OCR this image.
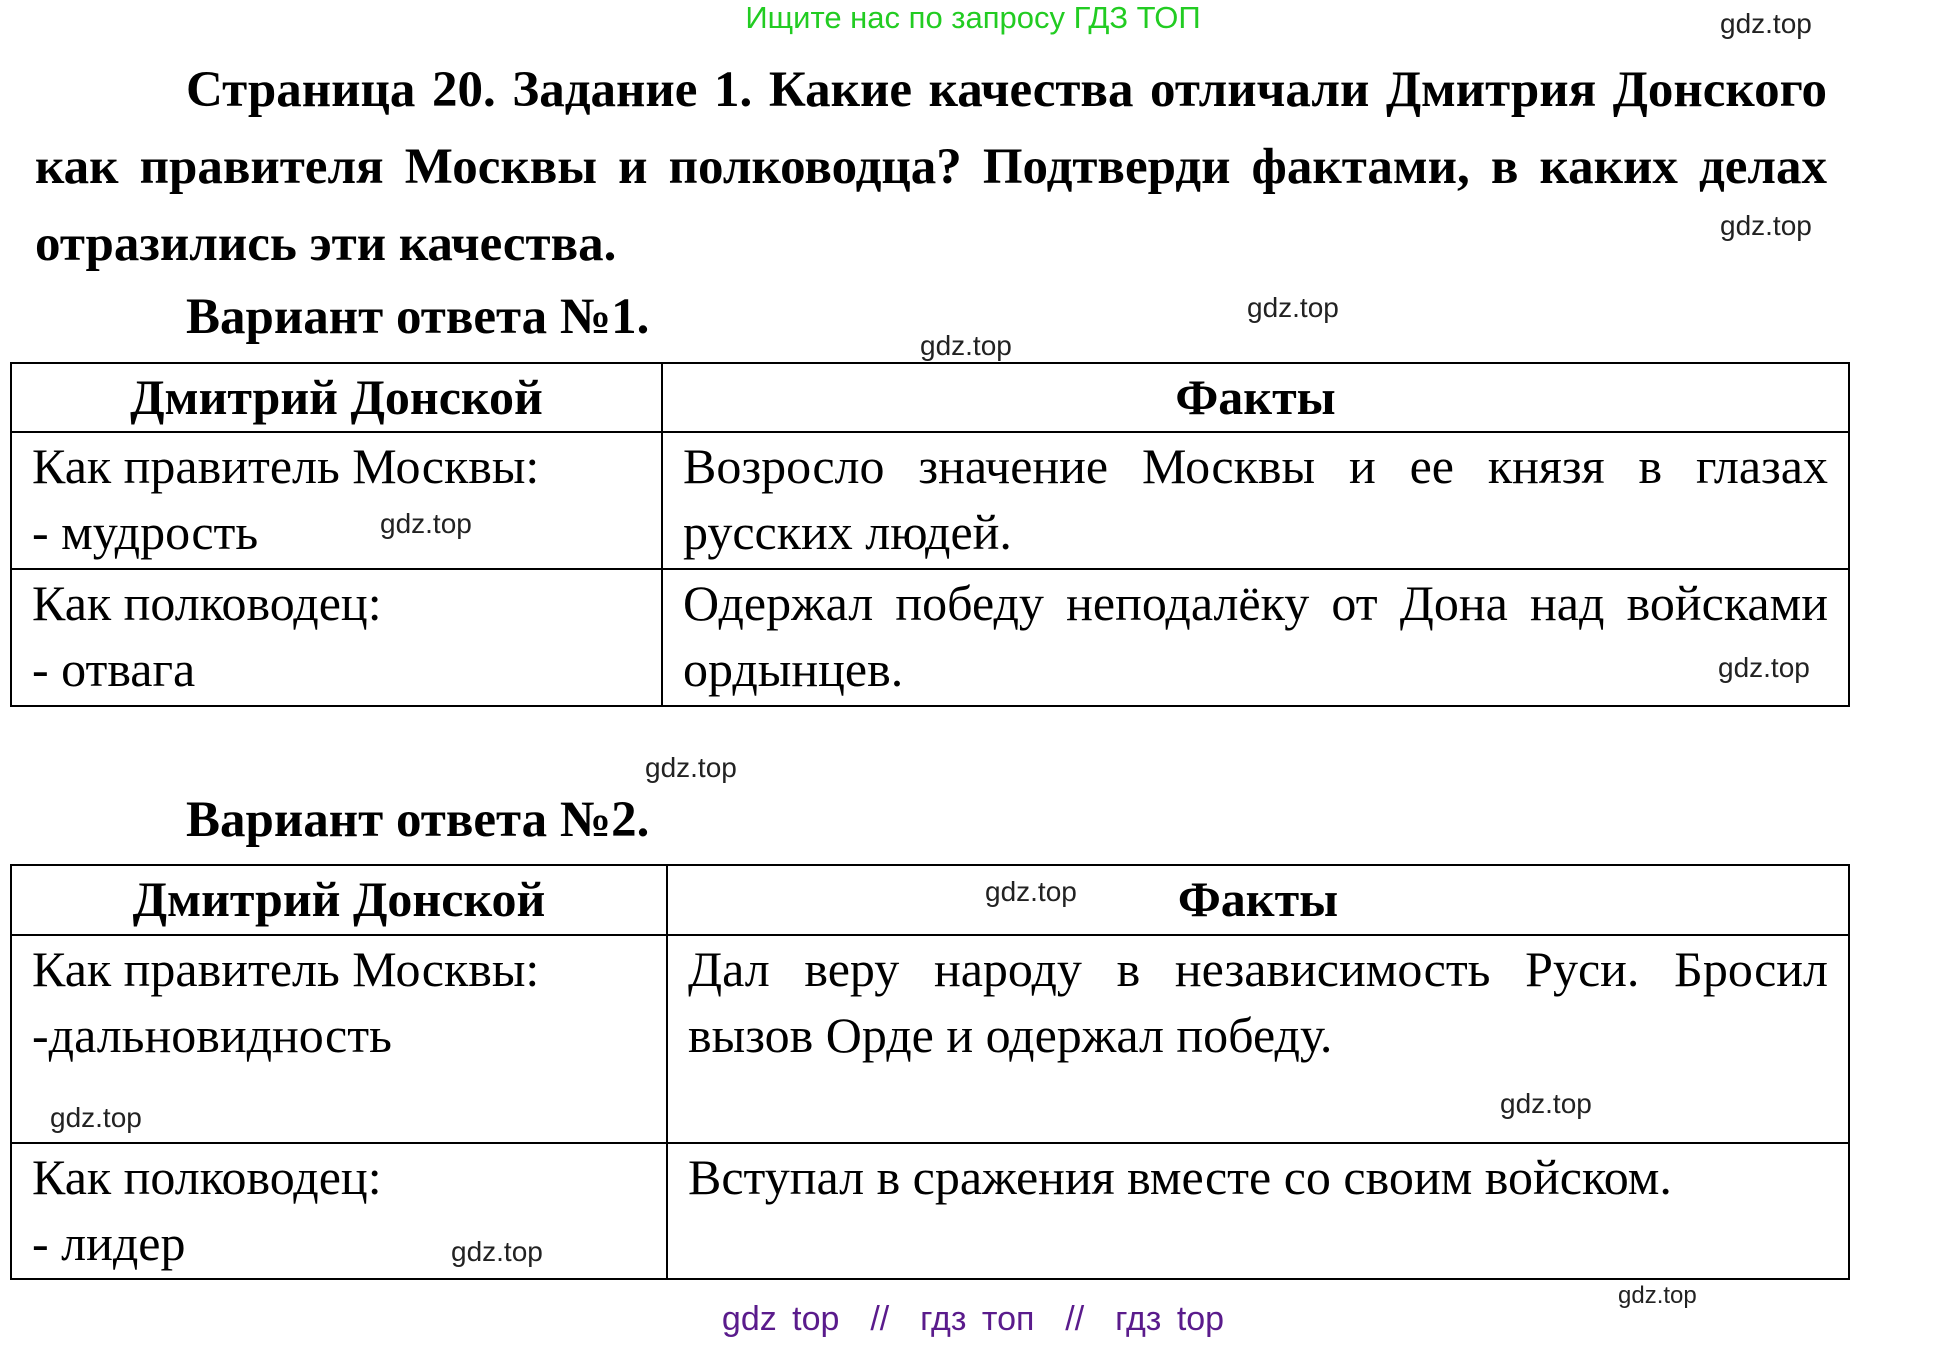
Ищите нас по запросу ГДЗ ТОП
Страница 20. Задание 1. Какие качества отличали Дмитрия Донского как правителя Москвы и полководца? Подтверди фактами, в каких делах отразились эти качества.
Вариант ответа №1.
Дмитрий Донской	Факты

Как правитель Москвы:
- мудрость	Возросло значение Москвы и ее князя в глазах русских людей.

Как полководец:
- отвага	Одержал победу неподалёку от Дона над войсками ордынцев.
Вариант ответа №2.
Дмитрий Донской	Факты

Как правитель Москвы:
-дальновидность	Дал веру народу в независимость Руси. Бросил вызов Орде и одержал победу.

Как полководец:
- лидер	Вступал в сражения вместе со своим войском.
gdz.top
gdz.top
gdz.top
gdz.top
gdz.top
gdz.top
gdz.top
gdz.top
gdz.top
gdz.top
gdz.top
gdz.top
gdz top  //  гдз топ  //  гдз top
